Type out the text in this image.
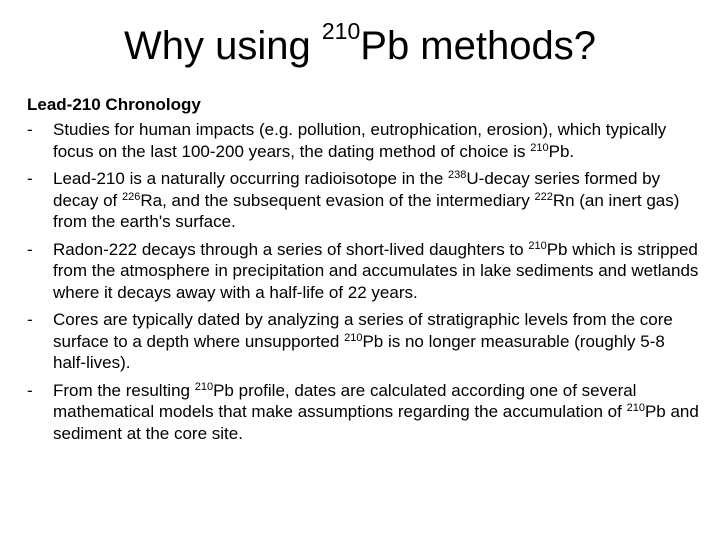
Why using $^{210}$Pb methods?
Lead-210 Chronology
- Studies for human impacts (e.g. pollution, eutrophication, erosion), which typically focus on the last 100-200 years, the dating method of choice is $^{210}$Pb.
- Lead-210 is a naturally occurring radioisotope in the $^{238}$U-decay series formed by decay of $^{226}$Ra, and the subsequent evasion of the intermediary $^{222}$Rn (an inert gas) from the earth's surface.
- Radon-222 decays through a series of short-lived daughters to $^{210}$Pb which is stripped from the atmosphere in precipitation and accumulates in lake sediments and wetlands where it decays away with a half-life of 22 years.
- Cores are typically dated by analyzing a series of stratigraphic levels from the core surface to a depth where unsupported $^{210}$Pb is no longer measurable (roughly 5-8 half-lives).
- From the resulting $^{210}$Pb profile, dates are calculated according one of several mathematical models that make assumptions regarding the accumulation of $^{210}$Pb and sediment at the core site.
